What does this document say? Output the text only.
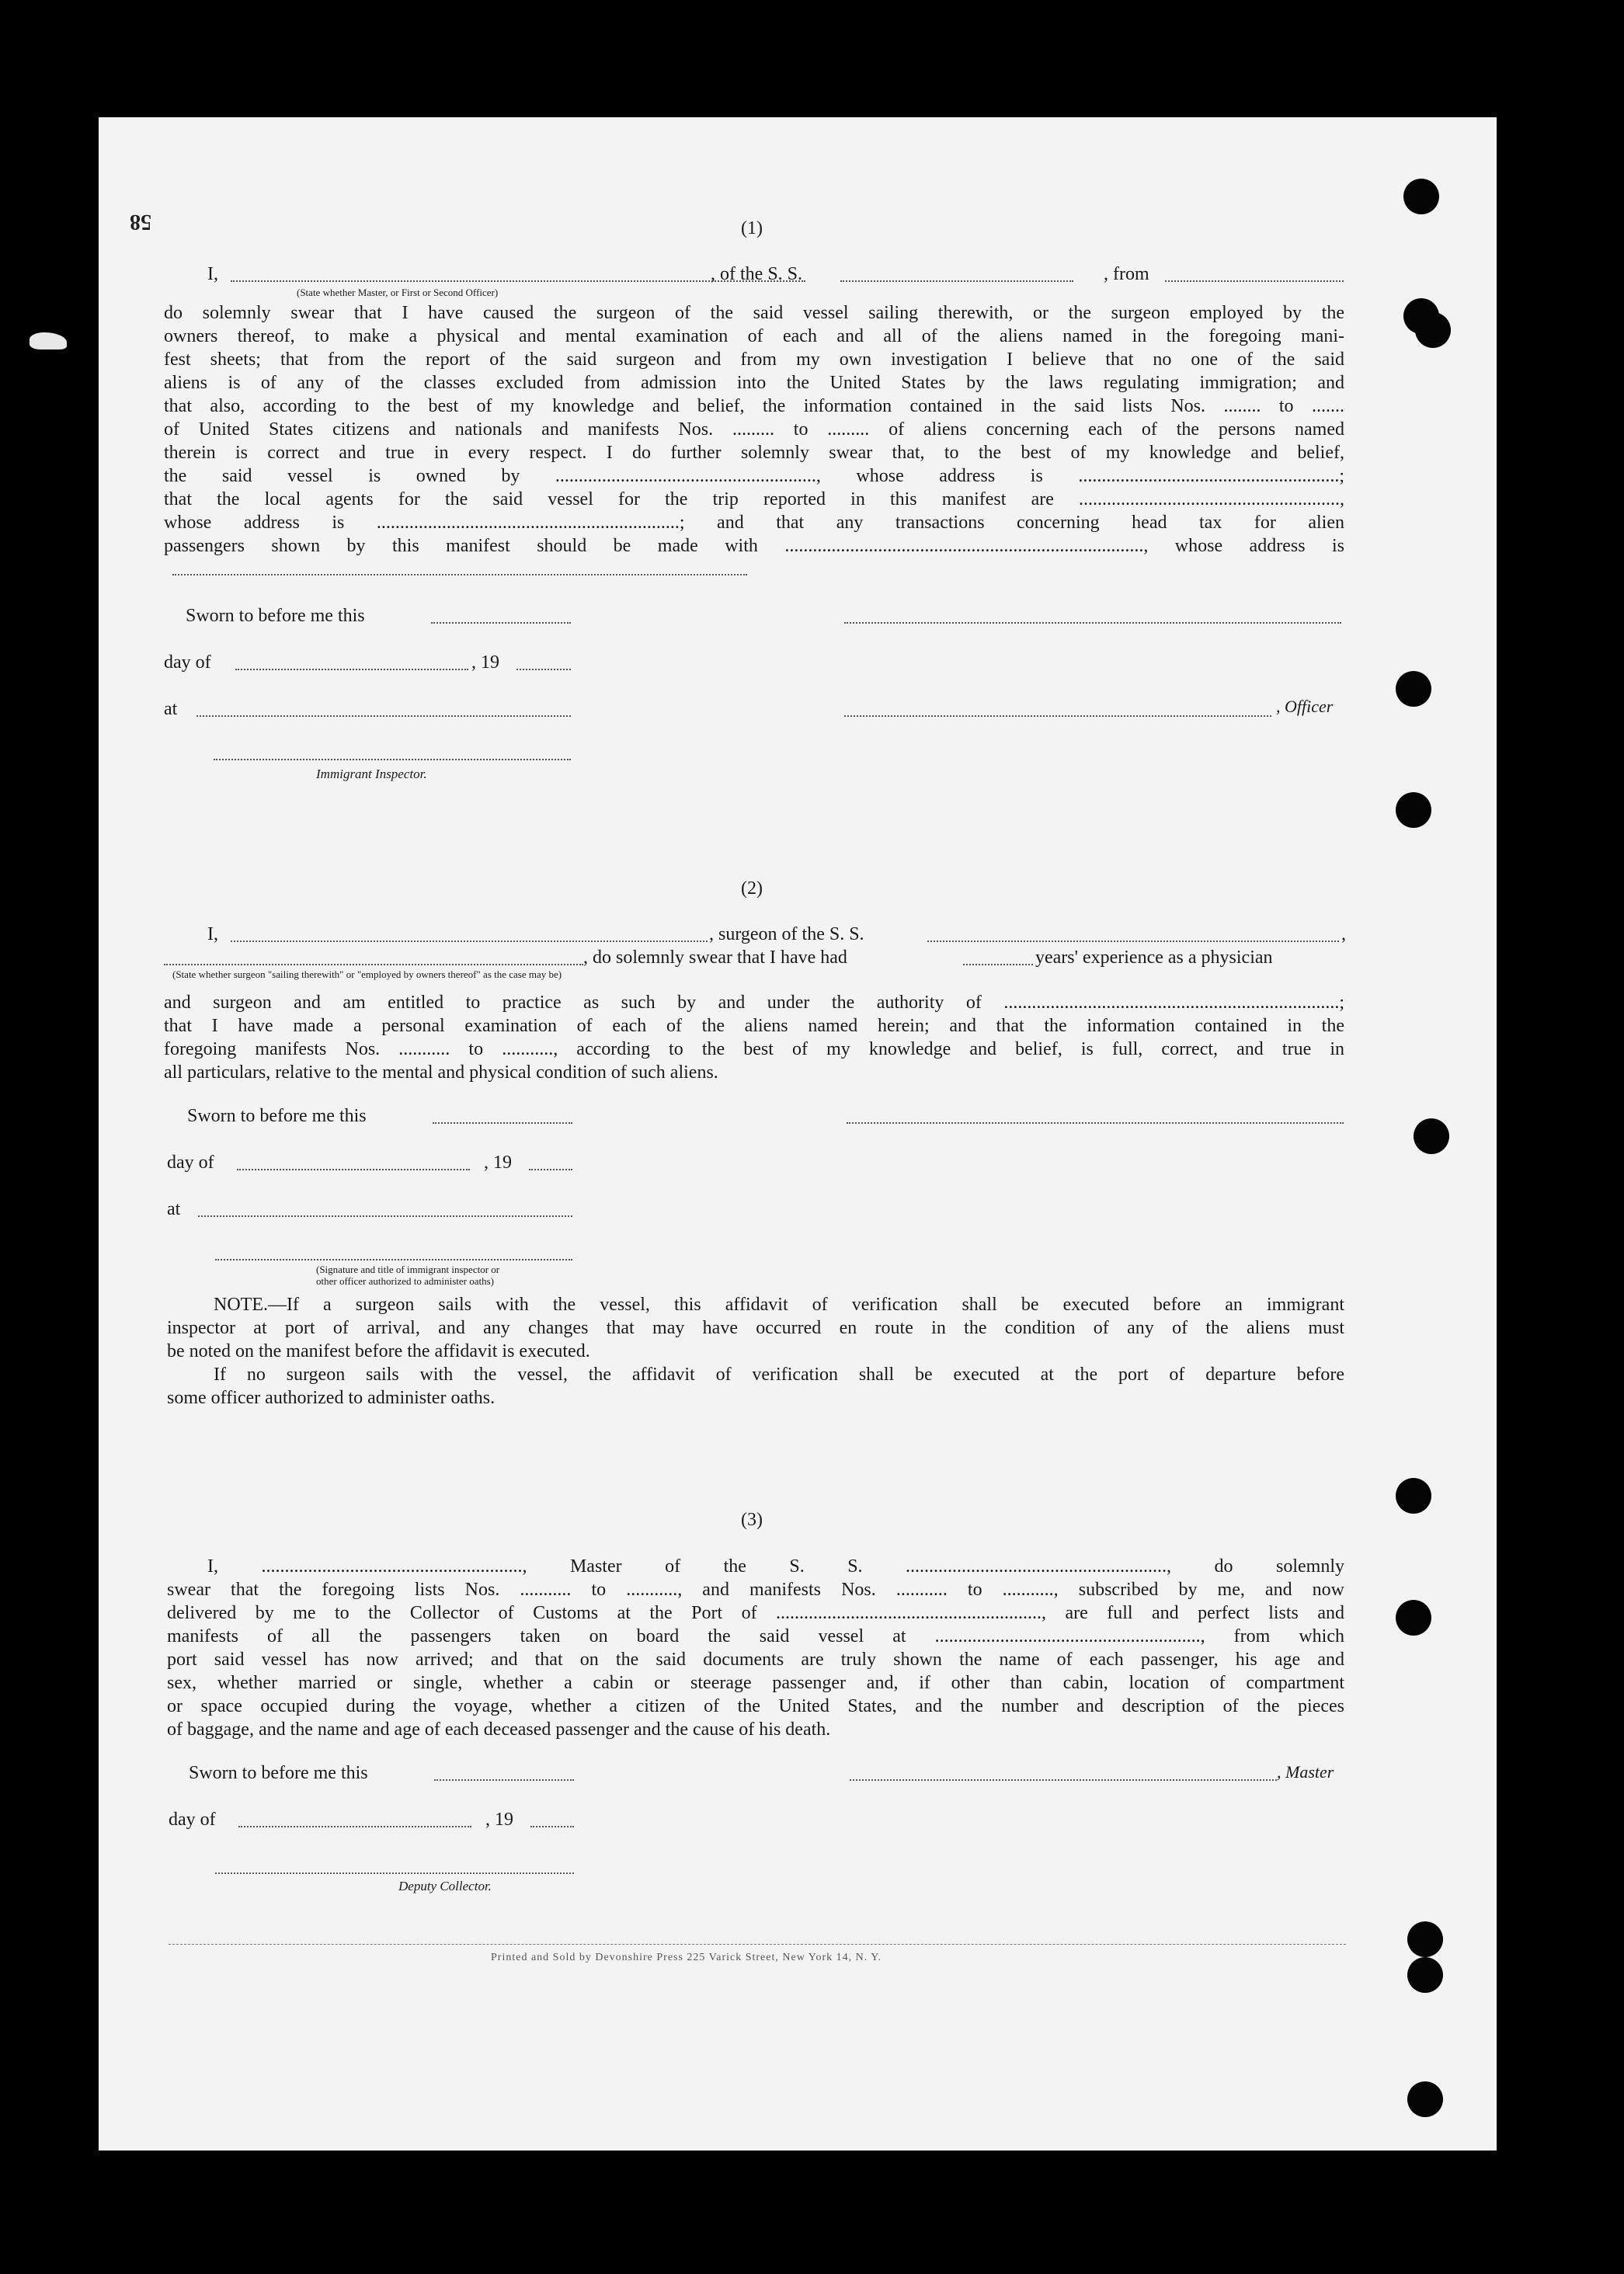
58	(1)
I,	, of the S. S.	, from
(State whether Master, or First or Second Officer)

do solemnly swear that I have caused the surgeon of the said vessel sailing therewith, or the surgeon employed by the

owners thereof, to make a physical and mental examination of each and all of the aliens named in the foregoing mani-

fest sheets; that from the report of the said surgeon and from my own investigation I believe that no one of the said

aliens is of any of the classes excluded from admission into the United States by the laws regulating immigration; and

that also, according to the best of my knowledge and belief, the information contained in the said lists Nos. ........ to .......

of United States citizens and nationals and manifests Nos. ......... to ......... of aliens concerning each of the persons named

therein is correct and true in every respect. I do further solemnly swear that, to the best of my knowledge and belief,

the said vessel is owned by ........................................................, whose address is ........................................................;

that the local agents for the said vessel for the trip reported in this manifest are ........................................................,

whose address is .................................................................; and that any transactions concerning head tax for alien

passengers shown by this manifest should be made with ............................................................................., whose address is

Sworn to before me this
day of	, 19
at	, Officer
Immigrant Inspector.
(2)
I,	, surgeon of the S. S.	,
, do solemnly swear that I have had	years' experience as a physician
(State whether surgeon "sailing therewith" or "employed by owners thereof" as the case may be)

and surgeon and am entitled to practice as such by and under the authority of ........................................................................;

that I have made a personal examination of each of the aliens named herein; and that the information contained in the

foregoing manifests Nos. ........... to ..........., according to the best of my knowledge and belief, is full, correct, and true in

all particulars, relative to the mental and physical condition of such aliens.

Sworn to before me this
day of	, 19
at
(Signature and title of immigrant inspector or
other officer authorized to administer oaths)

NOTE.—If a surgeon sails with the vessel, this affidavit of verification shall be executed before an immigrant

inspector at port of arrival, and any changes that may have occurred en route in the condition of any of the aliens must

be noted on the manifest before the affidavit is executed.

If no surgeon sails with the vessel, the affidavit of verification shall be executed at the port of departure before

some officer authorized to administer oaths.

(3)

I, ........................................................, Master of the S. S. ........................................................, do solemnly

swear that the foregoing lists Nos. ........... to ..........., and manifests Nos. ........... to ..........., subscribed by me, and now

delivered by me to the Collector of Customs at the Port of ........................................................., are full and perfect lists and

manifests of all the passengers taken on board the said vessel at ........................................................., from which

port said vessel has now arrived; and that on the said documents are truly shown the name of each passenger, his age and

sex, whether married or single, whether a cabin or steerage passenger and, if other than cabin, location of compartment

or space occupied during the voyage, whether a citizen of the United States, and the number and description of the pieces

of baggage, and the name and age of each deceased passenger and the cause of his death.

Sworn to before me this	, Master
day of	, 19
Deputy Collector.
Printed and Sold by Devonshire Press 225 Varick Street, New York 14, N. Y.
